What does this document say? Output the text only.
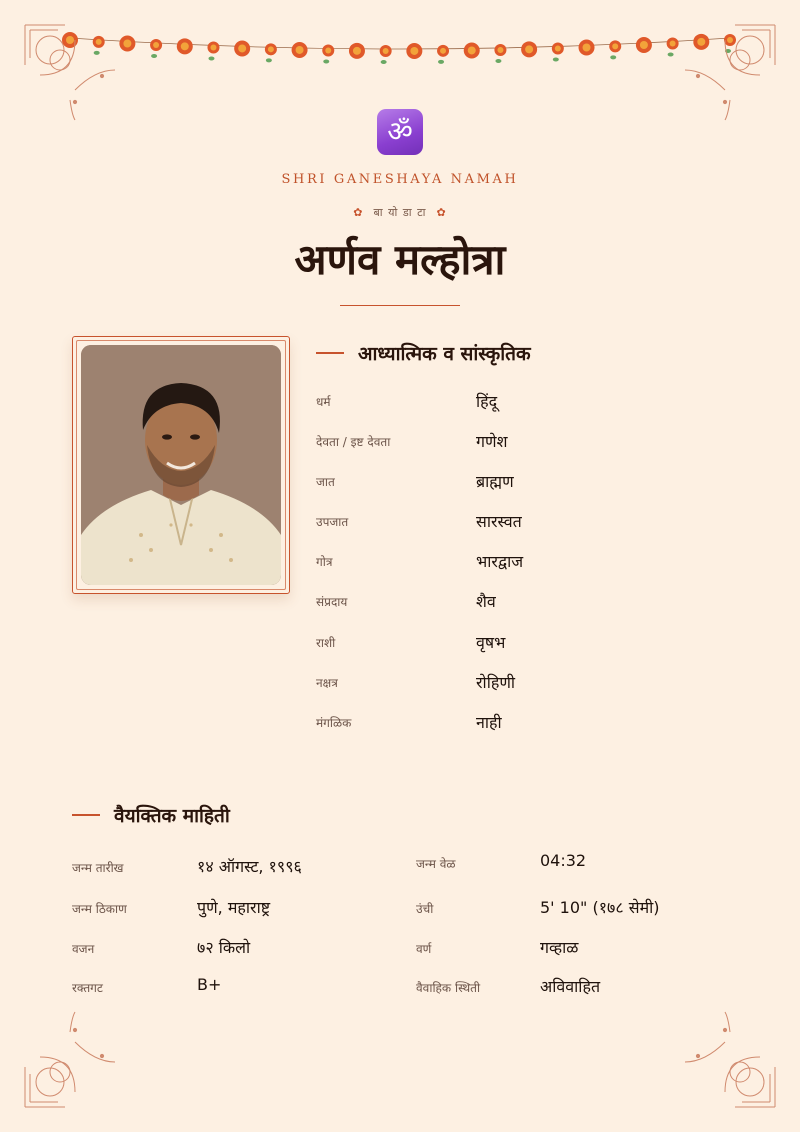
ॐ
SHRI GANESHAYA NAMAH
✿ बा यो डा टा ✿
अर्णव मल्होत्रा
आध्यात्मिक व सांस्कृतिक
धर्म	हिंदू
देवता / इष्ट देवता	गणेश
जात	ब्राह्मण
उपजात	सारस्वत
गोत्र	भारद्वाज
संप्रदाय	शैव
राशी	वृषभ
नक्षत्र	रोहिणी
मंगळिक	नाही
वैयक्तिक माहिती
जन्म तारीख	१४ ऑगस्ट, १९९६	जन्म वेळ	04:32
जन्म ठिकाण	पुणे, महाराष्ट्र	उंची	5' 10" (१७८ सेमी)
वजन	७२ किलो	वर्ण	गव्हाळ
रक्तगट	B+	वैवाहिक स्थिती	अविवाहित
